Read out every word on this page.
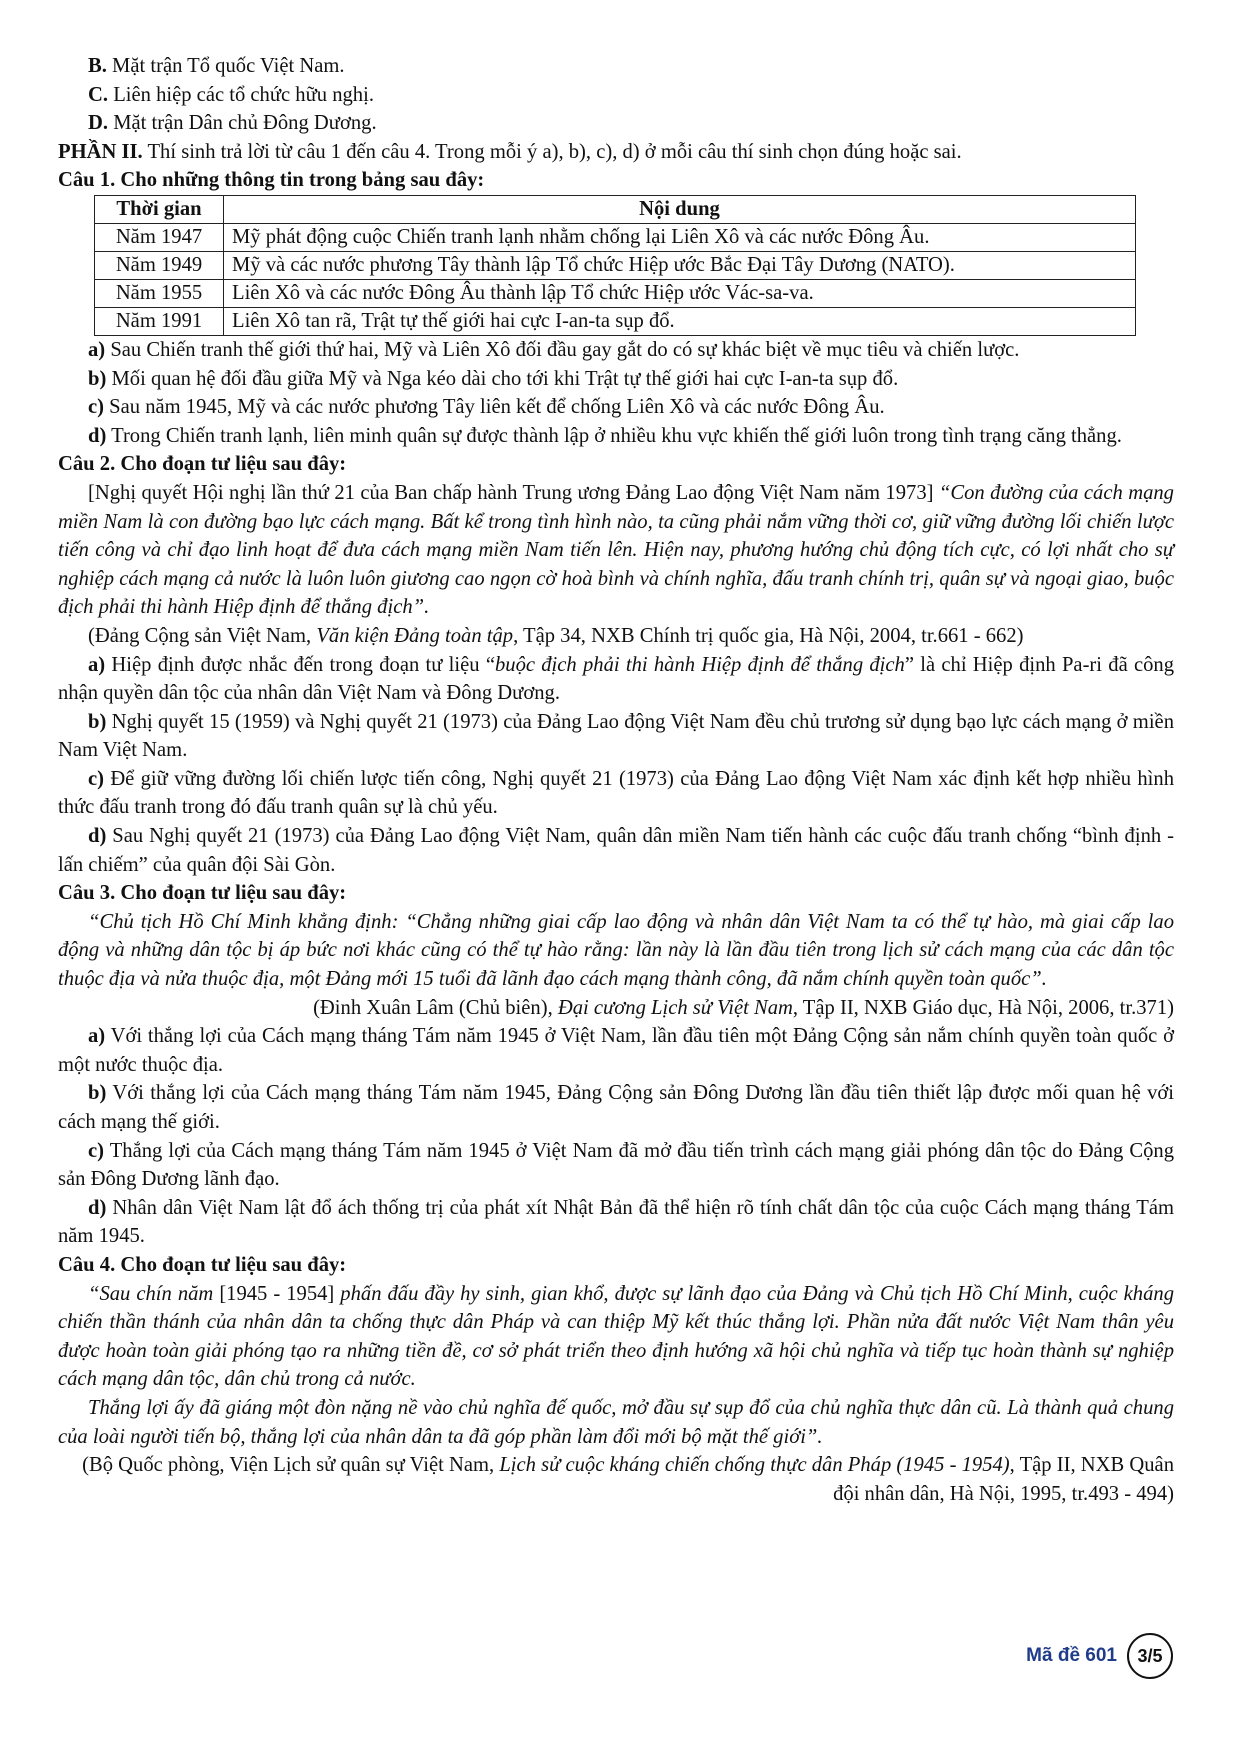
B. Mặt trận Tổ quốc Việt Nam.

C. Liên hiệp các tổ chức hữu nghị.

D. Mặt trận Dân chủ Đông Dương.

PHẦN II. Thí sinh trả lời từ câu 1 đến câu 4. Trong mỗi ý a), b), c), d) ở mỗi câu thí sinh chọn đúng hoặc sai.

Câu 1. Cho những thông tin trong bảng sau đây:

Thời gian	Nội dung
Năm 1947	Mỹ phát động cuộc Chiến tranh lạnh nhằm chống lại Liên Xô và các nước Đông Âu.
Năm 1949	Mỹ và các nước phương Tây thành lập Tổ chức Hiệp ước Bắc Đại Tây Dương (NATO).
Năm 1955	Liên Xô và các nước Đông Âu thành lập Tổ chức Hiệp ước Vác-sa-va.
Năm 1991	Liên Xô tan rã, Trật tự thế giới hai cực I-an-ta sụp đổ.

a) Sau Chiến tranh thế giới thứ hai, Mỹ và Liên Xô đối đầu gay gắt do có sự khác biệt về mục tiêu và chiến lược.

b) Mối quan hệ đối đầu giữa Mỹ và Nga kéo dài cho tới khi Trật tự thế giới hai cực I-an-ta sụp đổ.

c) Sau năm 1945, Mỹ và các nước phương Tây liên kết để chống Liên Xô và các nước Đông Âu.

d) Trong Chiến tranh lạnh, liên minh quân sự được thành lập ở nhiều khu vực khiến thế giới luôn trong tình trạng căng thẳng.

Câu 2. Cho đoạn tư liệu sau đây:

[Nghị quyết Hội nghị lần thứ 21 của Ban chấp hành Trung ương Đảng Lao động Việt Nam năm 1973] “Con đường của cách mạng miền Nam là con đường bạo lực cách mạng. Bất kể trong tình hình nào, ta cũng phải nắm vững thời cơ, giữ vững đường lối chiến lược tiến công và chỉ đạo linh hoạt để đưa cách mạng miền Nam tiến lên. Hiện nay, phương hướng chủ động tích cực, có lợi nhất cho sự nghiệp cách mạng cả nước là luôn luôn giương cao ngọn cờ hoà bình và chính nghĩa, đấu tranh chính trị, quân sự và ngoại giao, buộc địch phải thi hành Hiệp định để thắng địch”.

(Đảng Cộng sản Việt Nam, Văn kiện Đảng toàn tập, Tập 34, NXB Chính trị quốc gia, Hà Nội, 2004, tr.661 - 662)

a) Hiệp định được nhắc đến trong đoạn tư liệu “buộc địch phải thi hành Hiệp định để thắng địch” là chỉ Hiệp định Pa-ri đã công nhận quyền dân tộc của nhân dân Việt Nam và Đông Dương.

b) Nghị quyết 15 (1959) và Nghị quyết 21 (1973) của Đảng Lao động Việt Nam đều chủ trương sử dụng bạo lực cách mạng ở miền Nam Việt Nam.

c) Để giữ vững đường lối chiến lược tiến công, Nghị quyết 21 (1973) của Đảng Lao động Việt Nam xác định kết hợp nhiều hình thức đấu tranh trong đó đấu tranh quân sự là chủ yếu.

d) Sau Nghị quyết 21 (1973) của Đảng Lao động Việt Nam, quân dân miền Nam tiến hành các cuộc đấu tranh chống “bình định - lấn chiếm” của quân đội Sài Gòn.

Câu 3. Cho đoạn tư liệu sau đây:

“Chủ tịch Hồ Chí Minh khẳng định: “Chẳng những giai cấp lao động và nhân dân Việt Nam ta có thể tự hào, mà giai cấp lao động và những dân tộc bị áp bức nơi khác cũng có thể tự hào rằng: lần này là lần đầu tiên trong lịch sử cách mạng của các dân tộc thuộc địa và nửa thuộc địa, một Đảng mới 15 tuổi đã lãnh đạo cách mạng thành công, đã nắm chính quyền toàn quốc”.

(Đinh Xuân Lâm (Chủ biên), Đại cương Lịch sử Việt Nam, Tập II, NXB Giáo dục, Hà Nội, 2006, tr.371)

a) Với thắng lợi của Cách mạng tháng Tám năm 1945 ở Việt Nam, lần đầu tiên một Đảng Cộng sản nắm chính quyền toàn quốc ở một nước thuộc địa.

b) Với thắng lợi của Cách mạng tháng Tám năm 1945, Đảng Cộng sản Đông Dương lần đầu tiên thiết lập được mối quan hệ với cách mạng thế giới.

c) Thắng lợi của Cách mạng tháng Tám năm 1945 ở Việt Nam đã mở đầu tiến trình cách mạng giải phóng dân tộc do Đảng Cộng sản Đông Dương lãnh đạo.

d) Nhân dân Việt Nam lật đổ ách thống trị của phát xít Nhật Bản đã thể hiện rõ tính chất dân tộc của cuộc Cách mạng tháng Tám năm 1945.

Câu 4. Cho đoạn tư liệu sau đây:

“Sau chín năm [1945 - 1954] phấn đấu đầy hy sinh, gian khổ, được sự lãnh đạo của Đảng và Chủ tịch Hồ Chí Minh, cuộc kháng chiến thần thánh của nhân dân ta chống thực dân Pháp và can thiệp Mỹ kết thúc thắng lợi. Phần nửa đất nước Việt Nam thân yêu được hoàn toàn giải phóng tạo ra những tiền đề, cơ sở phát triển theo định hướng xã hội chủ nghĩa và tiếp tục hoàn thành sự nghiệp cách mạng dân tộc, dân chủ trong cả nước.

Thắng lợi ấy đã giáng một đòn nặng nề vào chủ nghĩa đế quốc, mở đầu sự sụp đổ của chủ nghĩa thực dân cũ. Là thành quả chung của loài người tiến bộ, thắng lợi của nhân dân ta đã góp phần làm đổi mới bộ mặt thế giới”.

(Bộ Quốc phòng, Viện Lịch sử quân sự Việt Nam, Lịch sử cuộc kháng chiến chống thực dân Pháp (1945 - 1954), Tập II, NXB Quân đội nhân dân, Hà Nội, 1995, tr.493 - 494)

Mã đề 601	3/5
